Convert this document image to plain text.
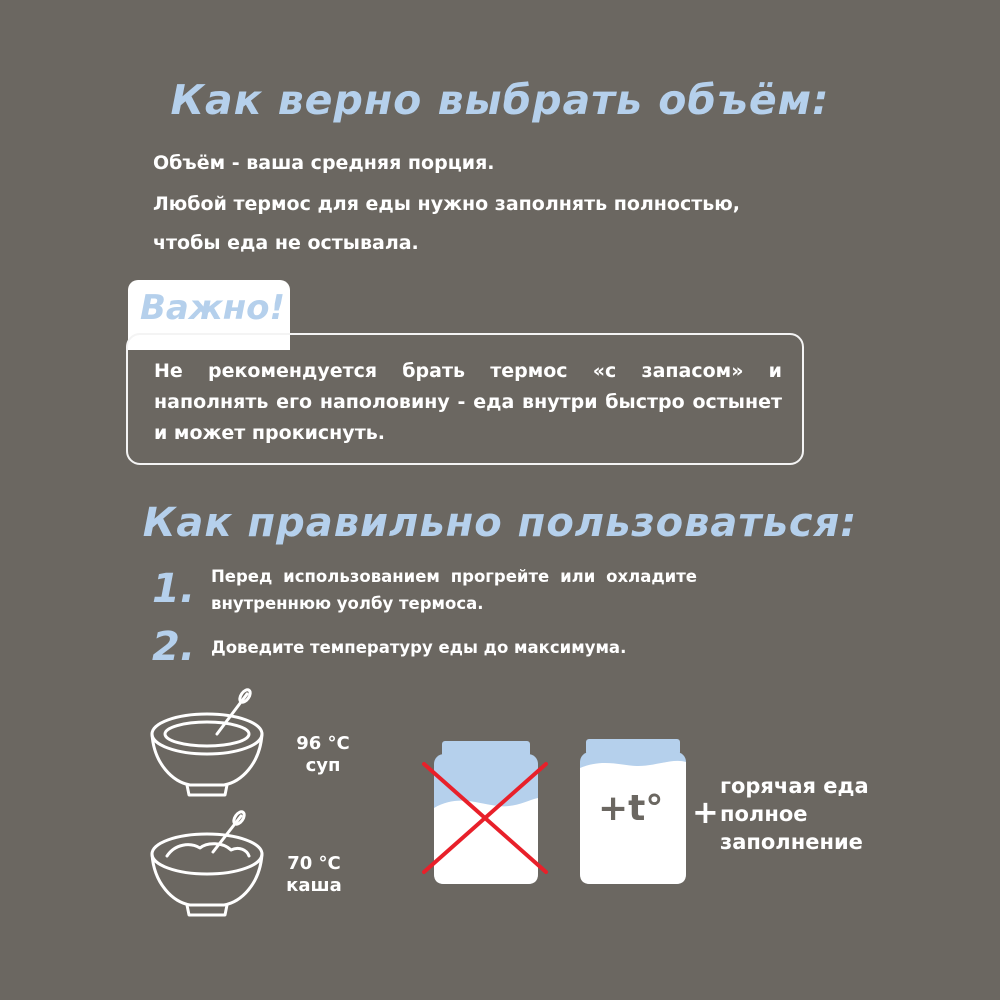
Как верно выбрать объём:
Объём - ваша средняя порция.
Любой термос для еды нужно заполнять полностью,
чтобы еда не остывала.
Важно!
Не рекомендуется брать термос «с запасом» и наполнять его наполовину - еда внутри быстро остынет и может прокиснуть.
Как правильно пользоваться:
1. Перед использованием прогрейте или охладите внутреннюю уолбу термоса.
2. Доведите температуру еды до максимума.
96 °C
суп
70 °C
каша
+t° +
горячая еда
полное
заполнение
